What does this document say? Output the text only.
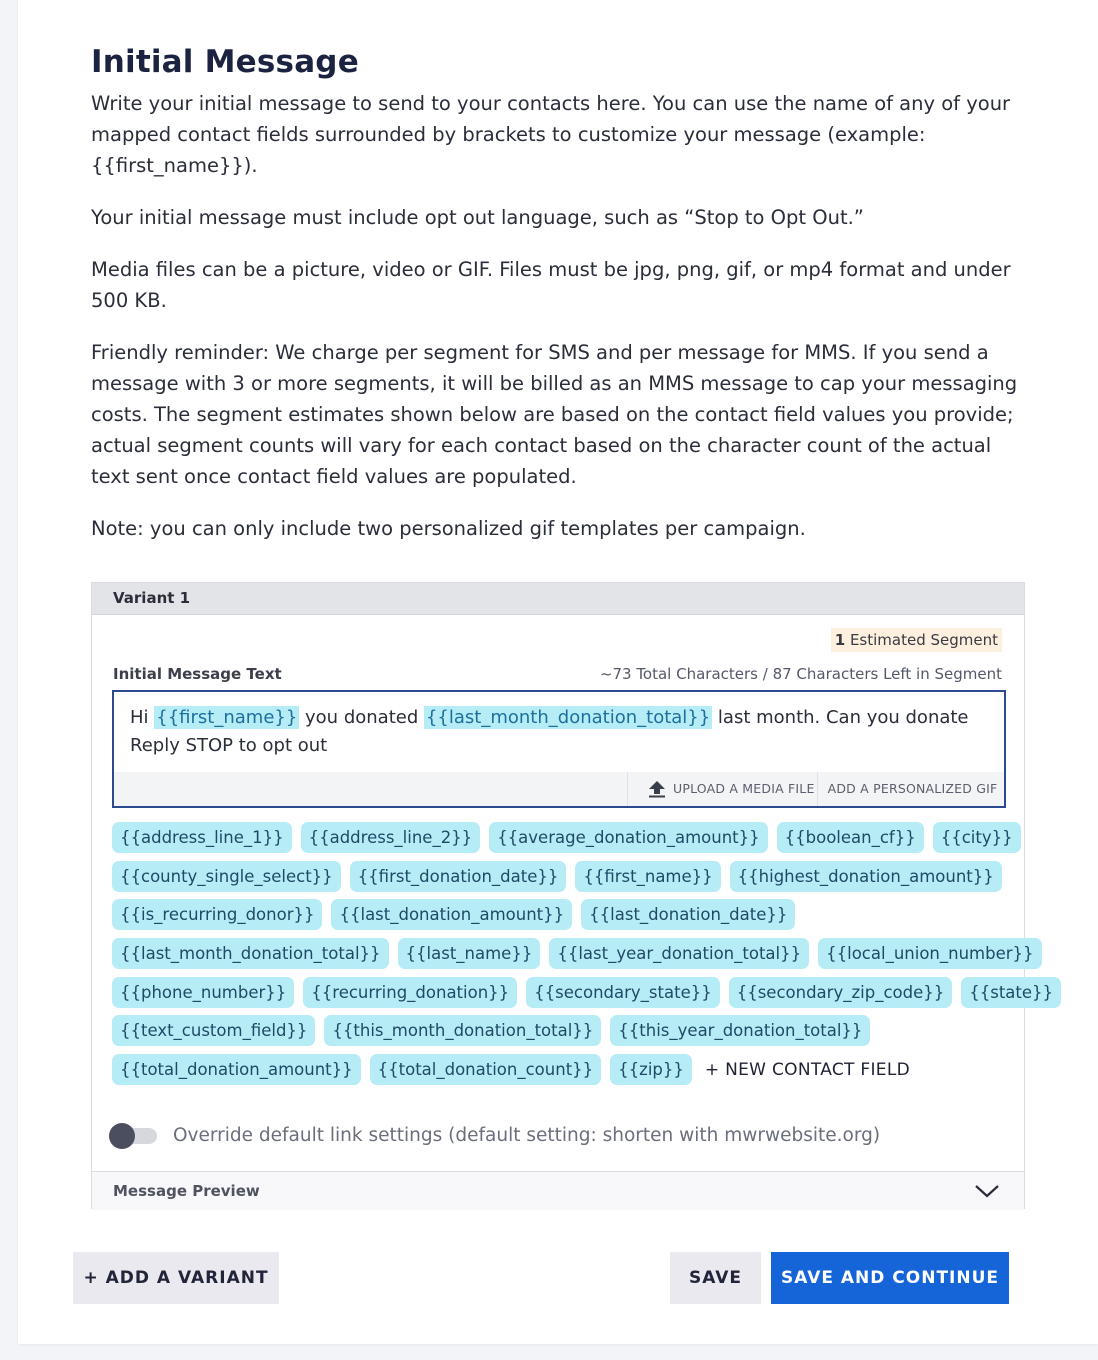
Initial Message

Write your initial message to send to your contacts here. You can use the name of any of your mapped contact fields surrounded by brackets to customize your message (example: {{first_name}}).

Your initial message must include opt out language, such as “Stop to Opt Out.”

Media files can be a picture, video or GIF. Files must be jpg, png, gif, or mp4 format and under 500 KB.

Friendly reminder: We charge per segment for SMS and per message for MMS. If you send a message with 3 or more segments, it will be billed as an MMS message to cap your messaging costs. The segment estimates shown below are based on the contact field values you provide; actual segment counts will vary for each contact based on the character count of the actual text sent once contact field values are populated.

Note: you can only include two personalized gif templates per campaign.

Variant 1
1 Estimated Segment
Initial Message Text	~73 Total Characters / 87 Characters Left in Segment
Hi {{first_name}} you donated {{last_month_donation_total}} last month. Can you donate
Reply STOP to opt out
UPLOAD A MEDIA FILE	ADD A PERSONALIZED GIF
{{address_line_1}}	{{address_line_2}}	{{average_donation_amount}}	{{boolean_cf}}	{{city}}
{{county_single_select}}	{{first_donation_date}}	{{first_name}}	{{highest_donation_amount}}
{{is_recurring_donor}}	{{last_donation_amount}}	{{last_donation_date}}
{{last_month_donation_total}}	{{last_name}}	{{last_year_donation_total}}	{{local_union_number}}
{{phone_number}}	{{recurring_donation}}	{{secondary_state}}	{{secondary_zip_code}}	{{state}}
{{text_custom_field}}	{{this_month_donation_total}}	{{this_year_donation_total}}
{{total_donation_amount}}	{{total_donation_count}}	{{zip}}	+ NEW CONTACT FIELD
Override default link settings (default setting: shorten with mwrwebsite.org)
Message Preview
+ ADD A VARIANT	SAVE	SAVE AND CONTINUE
